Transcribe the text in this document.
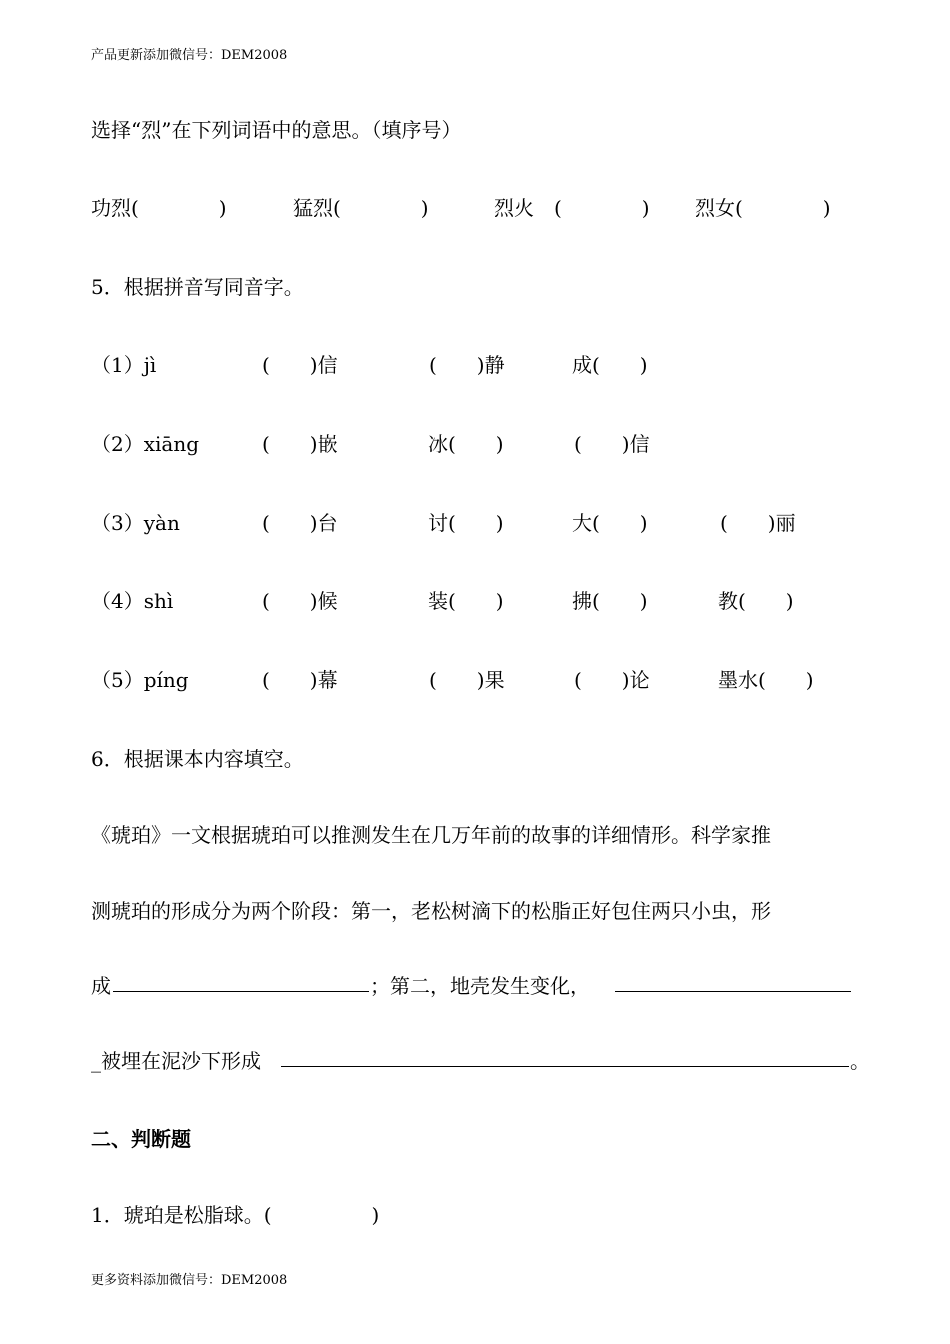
产品更新添加微信号：DEM2008
选择“烈”在下列词语中的意思。（填序号）
功烈(　　　　)	猛烈(　　　　)	烈火　(　　　　) 烈女(　　　　)
5．根据拼音写同音字。
（1）jì	(　　)信	(　　)静	成(　　)
（2）xiāng	(　　)嵌	冰(　　)	(　　)信
（3）yàn	(　　)台	讨(　　)	大(　　)	(　　)丽
（4）shì	(　　)候	装(　　)	拂(　　)	教(　　)
（5）píng	(　　)幕	(　　)果	(　　)论	墨水(　　)
6．根据课本内容填空。
《琥珀》一文根据琥珀可以推测发生在几万年前的故事的详细情形。科学家推
测琥珀的形成分为两个阶段：第一，老松树滴下的松脂正好包住两只小虫，形
成	；第二，地壳发生变化，
_被埋在泥沙下形成	。
二、判断题
1．琥珀是松脂球。(　　　　　)
更多资料添加微信号：DEM2008
